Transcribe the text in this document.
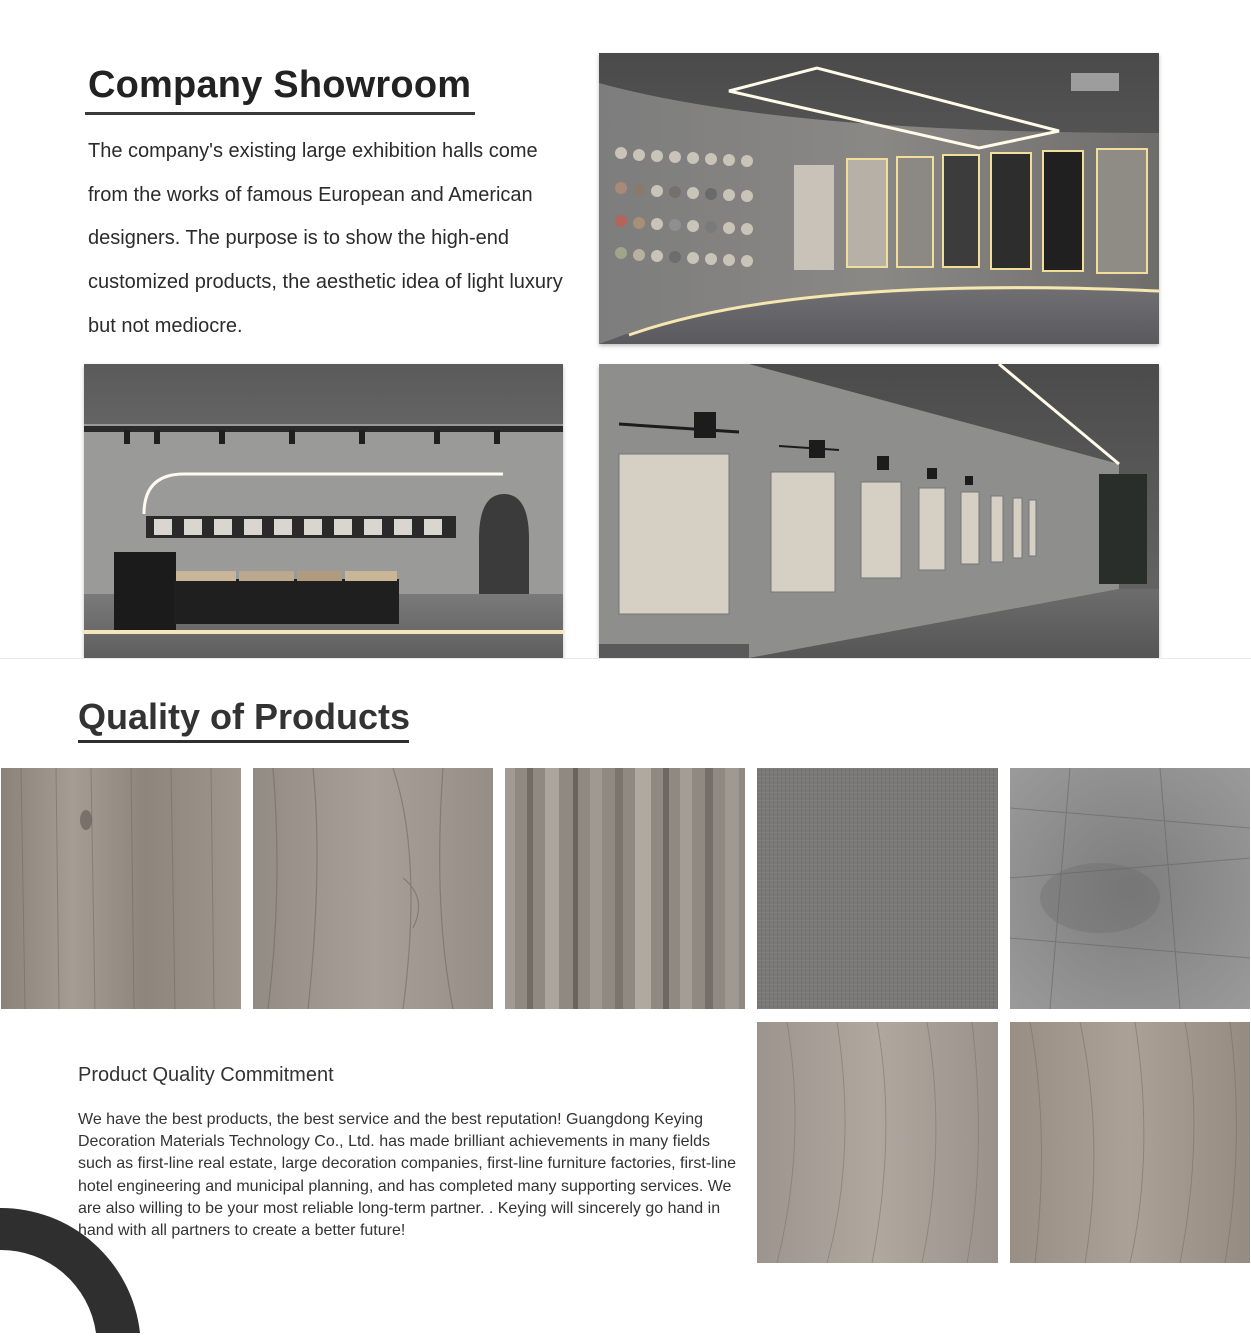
Company Showroom
The company's existing large exhibition halls come from the works of famous European and American designers. The purpose is to show the high-end customized products, the aesthetic idea of light luxury but not mediocre.
Quality of Products
Product Quality Commitment
We have the best products, the best service and the best reputation! Guangdong Keying Decoration Materials Technology Co., Ltd. has made brilliant achievements in many fields such as first-line real estate, large decoration companies, first-line furniture factories, first-line hotel engineering and municipal planning, and has completed many supporting services. We are also willing to be your most reliable long-term partner. . Keying will sincerely go hand in hand with all partners to create a better future!
